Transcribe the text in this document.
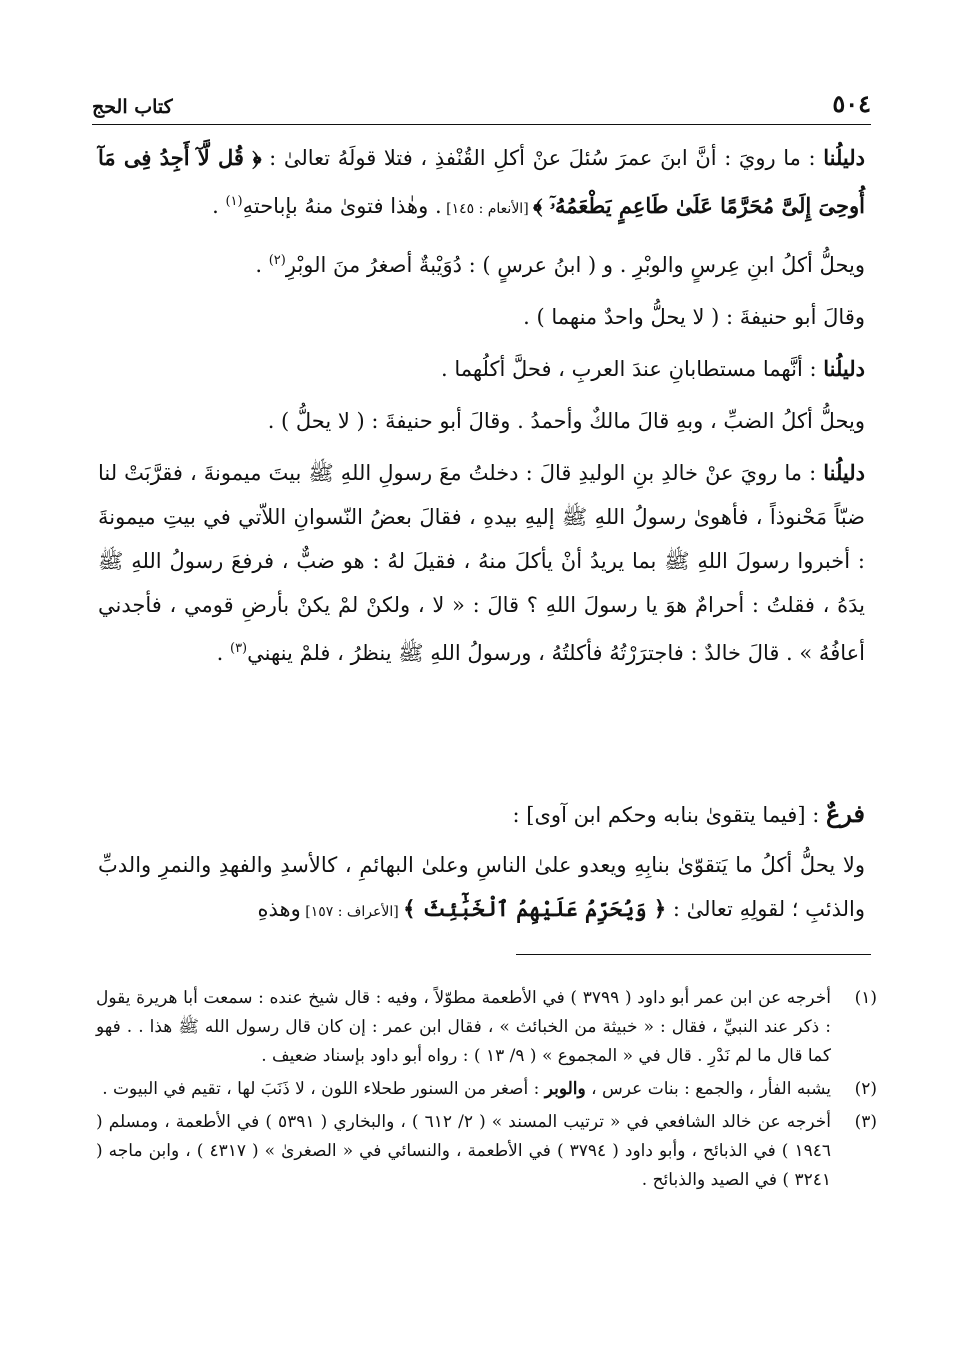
٥٠٤
كتاب الحج

دليلُنا : ما رويَ : أنَّ ابنَ عمرَ سُئلَ عنْ أكلِ القُنْفذِ ، فتلا قولَهُ تعالىٰ : ﴿ قُل لَّآ أَجِدُ فِى مَآ أُوحِىَ إِلَىَّ مُحَرَّمًا عَلَىٰ طَاعِمٍ يَطْعَمُهُۥٓ ﴾ [الأنعام : ١٤٥] . وهٰذا فتوىٰ منهُ بإباحتهِ$^{(١)}$ .

ويحلُّ أكلُ ابنِ عِرسٍ والوبْرِ . و ( ابنُ عرسٍ ) : دُوَيْبةٌ أصغرُ منَ الوبْرِ$^{(٢)}$ .

وقالَ أبو حنيفةَ : ( لا يحلُّ واحدٌ منهما ) .

دليلُنا : أنَّهما مستطابانِ عندَ العربِ ، فحلَّ أكلُهما .

ويحلُّ أكلُ الضبِّ ، وبهِ قالَ مالكٌ وأحمدُ . وقالَ أبو حنيفةَ : ( لا يحلُّ ) .

دليلُنا : ما رويَ عنْ خالدِ بنِ الوليدِ قالَ : دخلتُ معَ رسولِ اللهِ ﷺ بيتَ ميمونةَ ، فقرَّبَتْ لنا ضبّاً مَحْنوذاً ، فأهوىٰ رسولُ اللهِ ﷺ إليهِ بيدهِ ، فقالَ بعضُ النّسوانِ اللاّتي في بيتِ ميمونةَ : أخبروا رسولَ اللهِ ﷺ بما يريدُ أنْ يأكلَ منهُ ، فقيلَ لهُ : هو ضبٌّ ، فرفعَ رسولُ اللهِ ﷺ يدَهُ ، فقلتُ : أحرامٌ هوَ يا رسولَ اللهِ ؟ قالَ : « لا ، ولكنْ لمْ يكنْ بأرضِ قومي ، فأجدني أعافُهُ » . قالَ خالدٌ : فاجترَرْتُهُ فأكلتُهُ ، ورسولُ اللهِ ﷺ ينظرُ ، فلمْ ينهني$^{(٣)}$ .

فرعٌ : [فيما يتقوىٰ بنابه وحكم ابن آوى] :

ولا يحلُّ أكلُ ما يَتقوّىٰ بنابِهِ ويعدو علىٰ الناسِ وعلىٰ البهائمِ ، كالأسدِ والفهدِ والنمرِ والدبِّ والذئبِ ؛ لقولِهِ تعالىٰ : ﴿ وَيُحَرِّمُ عَلَيْهِمُ ٱلْخَبَٰٓئِثَ ﴾ [الأعراف : ١٥٧] وهذهِ

(١)
أخرجه عن ابن عمر أبو داود ( ٣٧٩٩ ) في الأطعمة مطوّلاً ، وفيه : قال شيخ عنده : سمعت أبا هريرة يقول : ذكر عند النبيِّ ، فقال : « خبيثة من الخبائث » ، فقال ابن عمر : إن كان قال رسول الله ﷺ هذا . . فهو كما قال ما لم نَدْرِ . قال في « المجموع » ( ٩/ ١٣ ) : رواه أبو داود بإسناد ضعيف .
(٢)
يشبه الفأر ، والجمع : بنات عرس ، والوبر : أصغر من السنور طحلاء اللون ، لا ذَنَبَ لها ، تقيم في البيوت .
(٣)
أخرجه عن خالد الشافعي في « ترتيب المسند » ( ٢/ ٦١٢ ) ، والبخاري ( ٥٣٩١ ) في الأطعمة ، ومسلم ( ١٩٤٦ ) في الذبائح ، وأبو داود ( ٣٧٩٤ ) في الأطعمة ، والنسائي في « الصغرىٰ » ( ٤٣١٧ ) ، وابن ماجه ( ٣٢٤١ ) في الصيد والذبائح .
